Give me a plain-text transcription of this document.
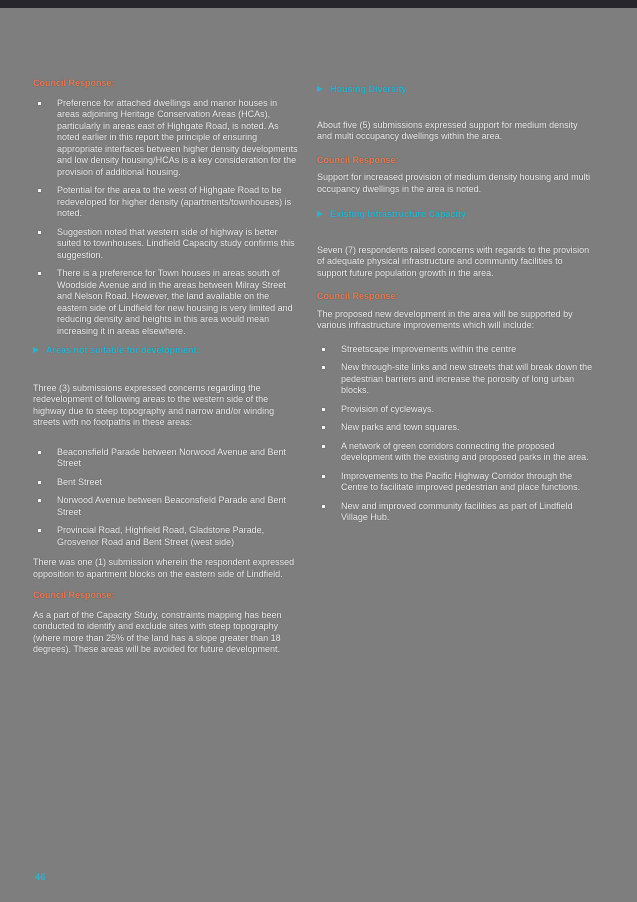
Council Response:
Preference for attached dwellings and manor houses in areas adjoining Heritage Conservation Areas (HCAs), particularly in areas east of Highgate Road, is noted. As noted earlier in this report the principle of ensuring appropriate interfaces between higher density developments and low density housing/HCAs is a key consideration for the provision of additional housing.
Potential for the area to the west of Highgate Road to be redeveloped for higher density (apartments/townhouses) is noted.
Suggestion noted that western side of highway is better suited to townhouses. Lindfield Capacity study confirms this suggestion.
There is a preference for Town houses in areas south of Woodside Avenue and in the areas between Milray Street and Nelson Road. However, the land available on the eastern side of Lindfield for new housing is very limited and reducing density and heights in this area would mean increasing it in areas elsewhere.
Areas not suitable for development:

Three (3) submissions expressed concerns regarding the redevelopment of following areas to the western side of the highway due to steep topography and narrow and/or winding streets with no footpaths in these areas:

Beaconsfield Parade between Norwood Avenue and Bent Street
Bent Street
Norwood Avenue between Beaconsfield Parade and Bent Street
Provincial Road, Highfield Road, Gladstone Parade, Grosvenor Road and Bent Street (west side)

There was one (1) submission wherein the respondent expressed opposition to apartment blocks on the eastern side of Lindfield.

Council Response:

As a part of the Capacity Study, constraints mapping has been conducted to identify and exclude sites with steep topography (where more than 25% of the land has a slope greater than 18 degrees). These areas will be avoided for future development.

Housing Diversity

About five (5) submissions expressed support for medium density and multi occupancy dwellings within the area.

Council Response:

Support for increased provision of medium density housing and multi occupancy dwellings in the area is noted.

Existing Infrastructure Capacity

Seven (7) respondents raised concerns with regards to the provision of adequate physical infrastructure and community facilities to support future population growth in the area.

Council Response:

The proposed new development in the area will be supported by various infrastructure improvements which will include:

Streetscape improvements within the centre
New through-site links and new streets that will break down the pedestrian barriers and increase the porosity of long urban blocks.
Provision of cycleways.
New parks and town squares.
A network of green corridors connecting the proposed development with the existing and proposed parks in the area.
Improvements to the Pacific Highway Corridor through the Centre to facilitate improved pedestrian and place functions.
New and improved community facilities as part of Lindfield Village Hub.
46
